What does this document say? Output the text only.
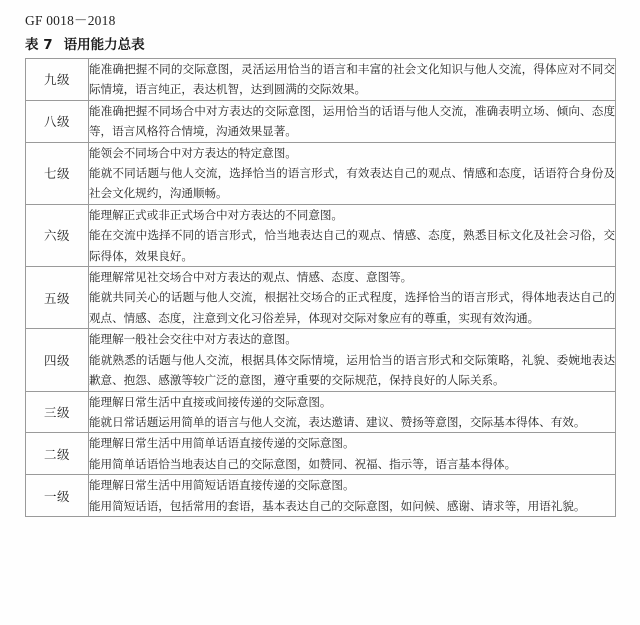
GF 0018－2018
表 7 语用能力总表
九级	能准确把握不同的交际意图，灵活运用恰当的语言和丰富的社会文化知识与他人交流，得体应对不同交际情境，语言纯正，表达机智，达到圆满的交际效果。

八级	能准确把握不同场合中对方表达的交际意图，运用恰当的话语与他人交流，准确表明立场、倾向、态度等，语言风格符合情境，沟通效果显著。

七级	能领会不同场合中对方表达的特定意图。
能就不同话题与他人交流，选择恰当的语言形式，有效表达自己的观点、情感和态度，话语符合身份及社会文化规约，沟通顺畅。

六级	能理解正式或非正式场合中对方表达的不同意图。
能在交流中选择不同的语言形式，恰当地表达自己的观点、情感、态度，熟悉目标文化及社会习俗，交际得体，效果良好。

五级	能理解常见社交场合中对方表达的观点、情感、态度、意图等。
能就共同关心的话题与他人交流，根据社交场合的正式程度，选择恰当的语言形式，得体地表达自己的观点、情感、态度，注意到文化习俗差异，体现对交际对象应有的尊重，实现有效沟通。

四级	能理解一般社会交往中对方表达的意图。
能就熟悉的话题与他人交流，根据具体交际情境，运用恰当的语言形式和交际策略，礼貌、委婉地表达歉意、抱怨、感激等较广泛的意图，遵守重要的交际规范，保持良好的人际关系。

三级	能理解日常生活中直接或间接传递的交际意图。
能就日常话题运用简单的语言与他人交流，表达邀请、建议、赞扬等意图，交际基本得体、有效。

二级	能理解日常生活中用简单话语直接传递的交际意图。
能用简单话语恰当地表达自己的交际意图，如赞同、祝福、指示等，语言基本得体。

一级	能理解日常生活中用简短话语直接传递的交际意图。
能用简短话语，包括常用的套语，基本表达自己的交际意图，如问候、感谢、请求等，用语礼貌。
